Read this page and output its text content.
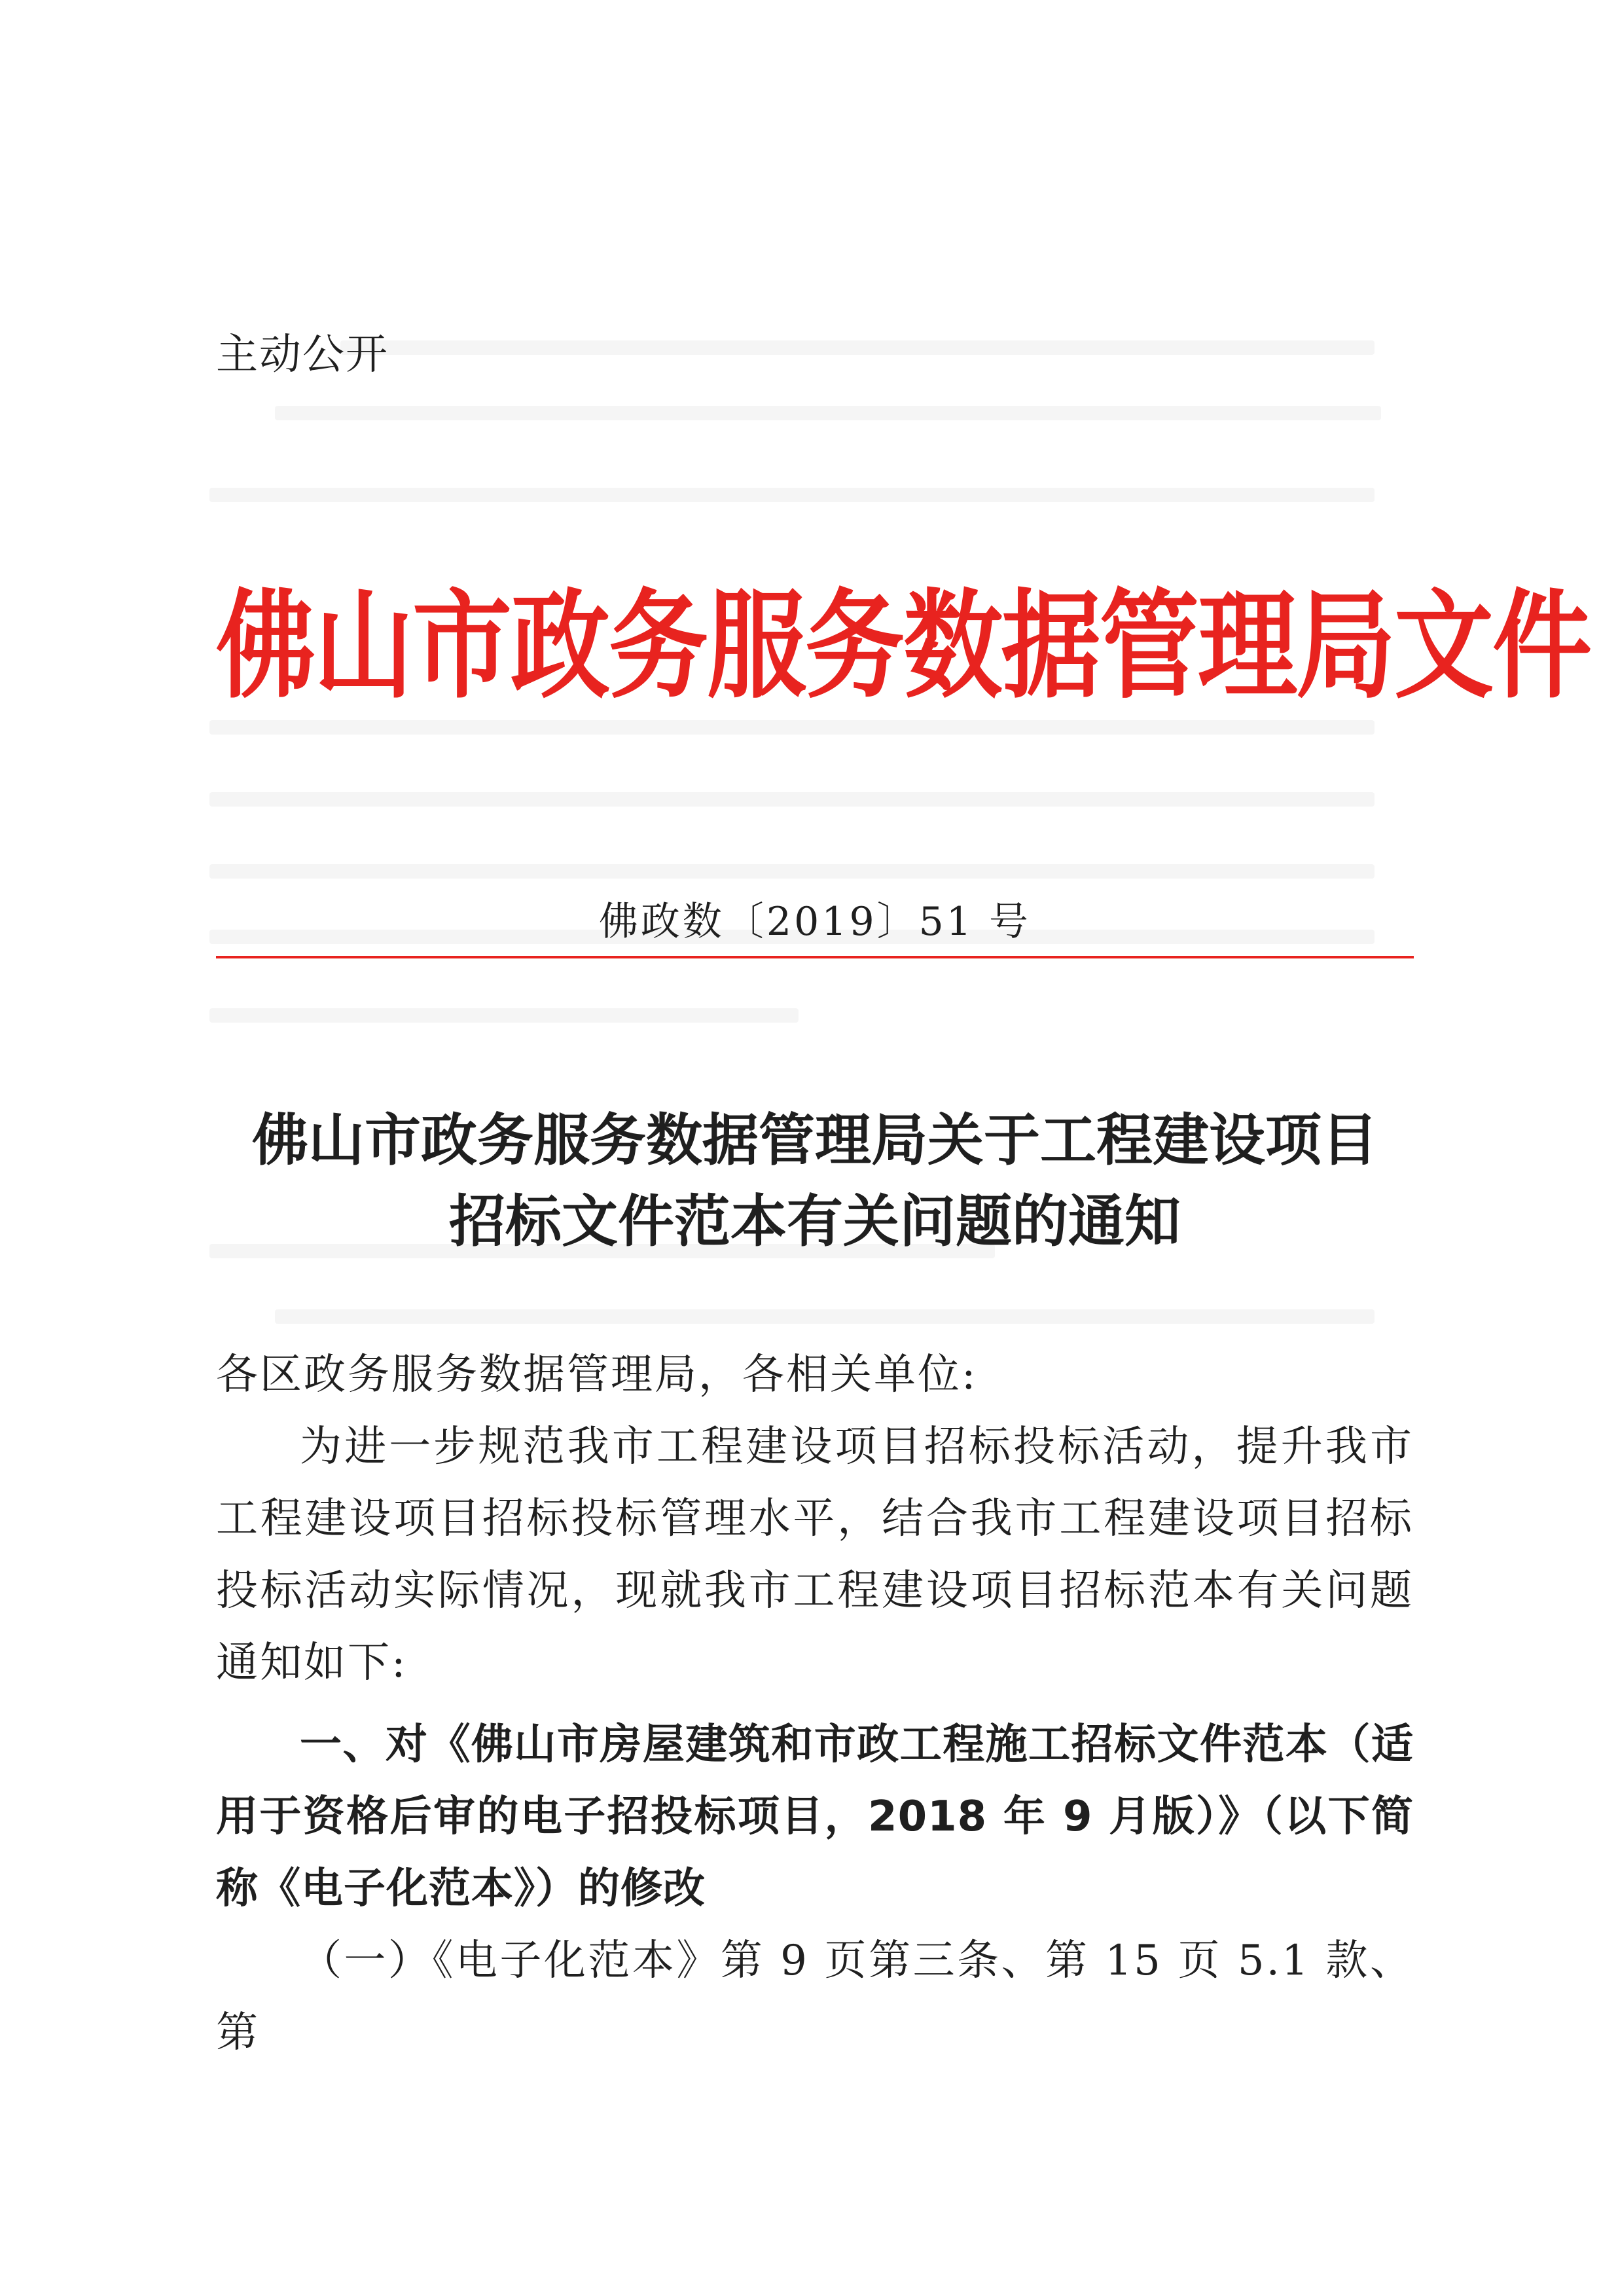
主动公开
佛山市政务服务数据管理局文件
佛政数〔2019〕51 号
佛山市政务服务数据管理局关于工程建设项目
招标文件范本有关问题的通知
各区政务服务数据管理局，各相关单位:
为进一步规范我市工程建设项目招标投标活动，提升我市工程建设项目招标投标管理水平，结合我市工程建设项目招标投标活动实际情况，现就我市工程建设项目招标范本有关问题通知如下:
一、对《佛山市房屋建筑和市政工程施工招标文件范本（适用于资格后审的电子招投标项目，2018 年 9 月版）》（以下简称《电子化范本》）的修改
（一）《电子化范本》第 9 页第三条、第 15 页 5.1 款、第
